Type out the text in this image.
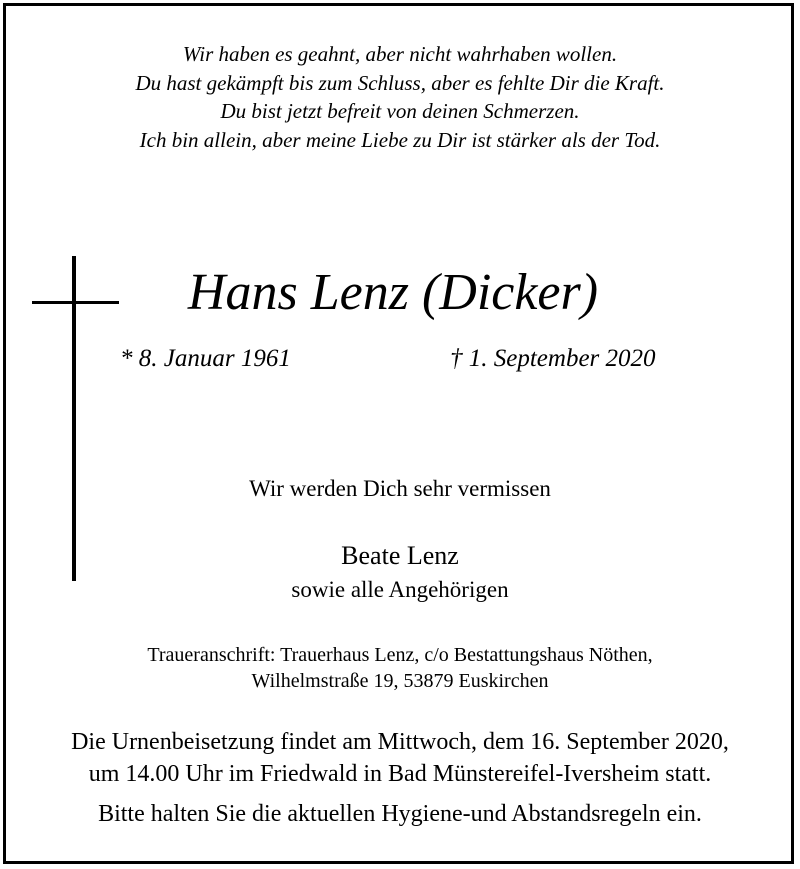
Wir haben es geahnt, aber nicht wahrhaben wollen.
Du hast gekämpft bis zum Schluss, aber es fehlte Dir die Kraft.
Du bist jetzt befreit von deinen Schmerzen.
Ich bin allein, aber meine Liebe zu Dir ist stärker als der Tod.
Hans Lenz (Dicker)
* 8. Januar 1961	† 1. September 2020
Wir werden Dich sehr vermissen
Beate Lenz
sowie alle Angehörigen
Traueranschrift: Trauerhaus Lenz, c/o Bestattungshaus Nöthen,
Wilhelmstraße 19, 53879 Euskirchen
Die Urnenbeisetzung findet am Mittwoch, dem 16. September 2020,
um 14.00 Uhr im Friedwald in Bad Münstereifel-Iversheim statt.
Bitte halten Sie die aktuellen Hygiene-und Abstandsregeln ein.
